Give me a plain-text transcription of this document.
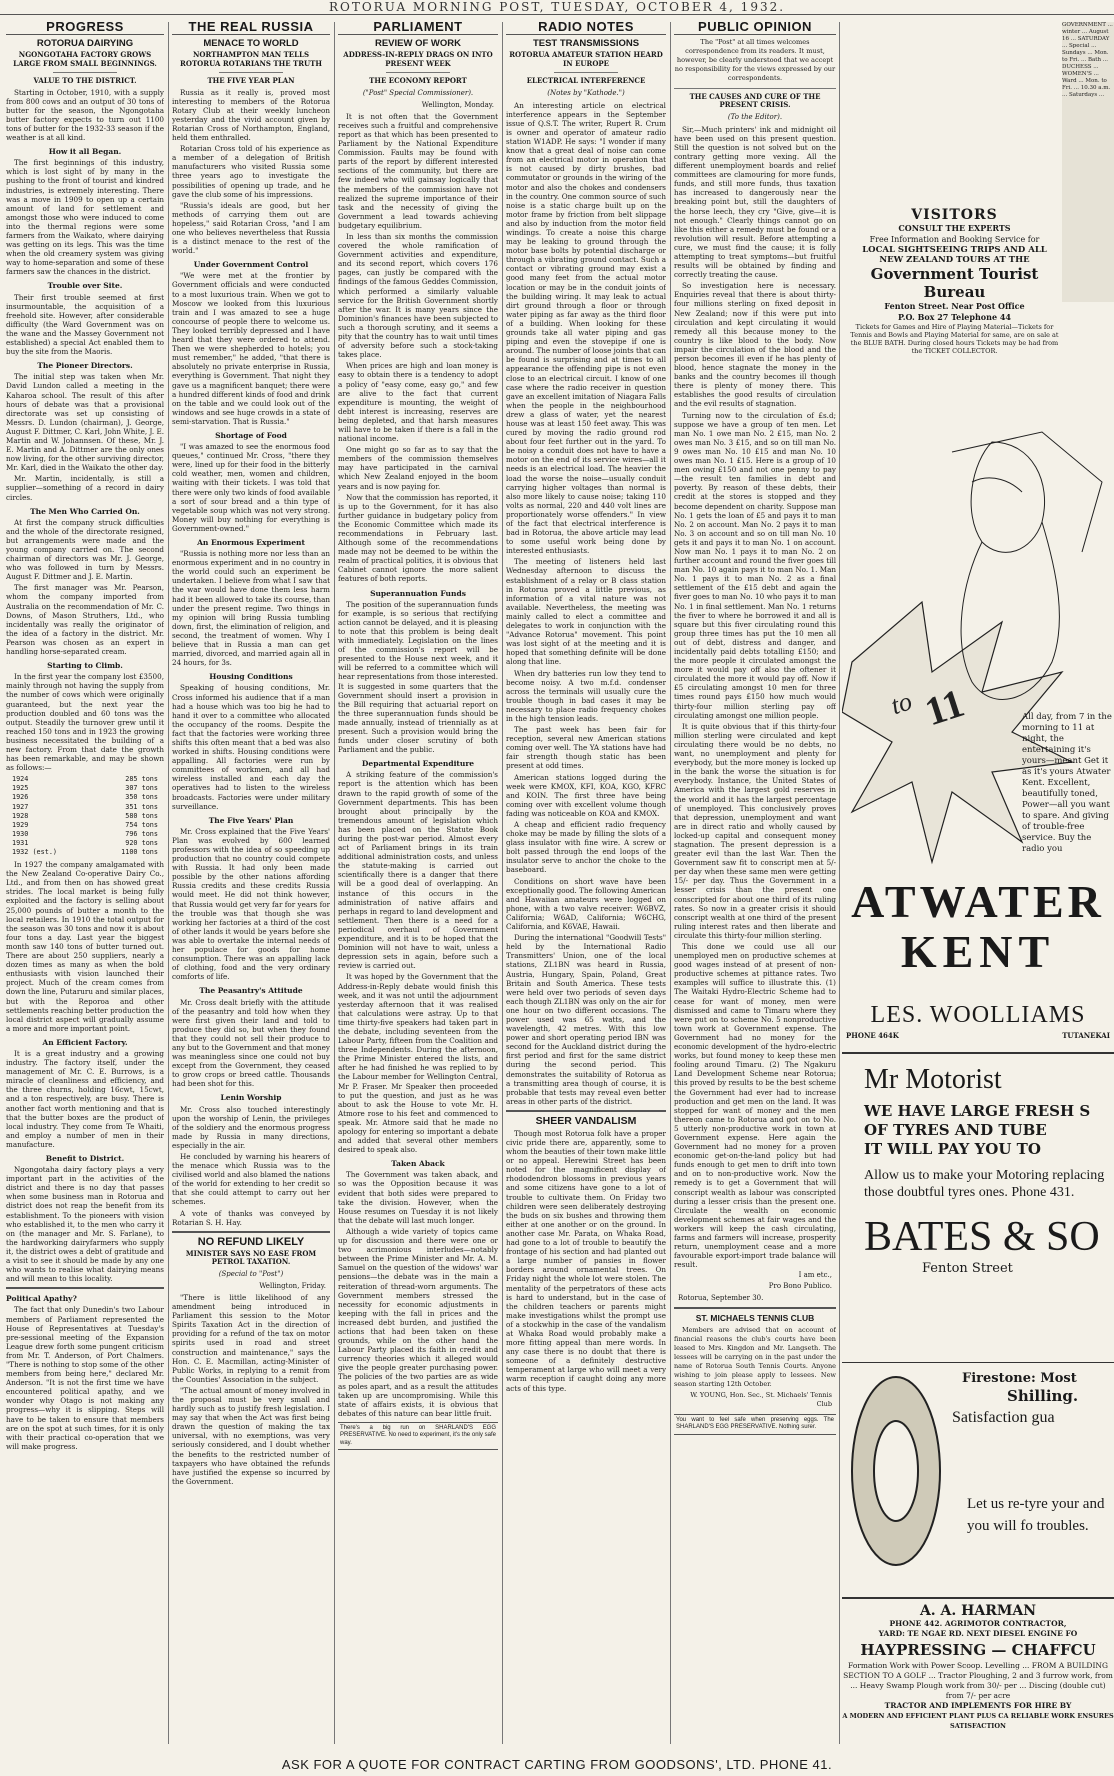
ROTORUA MORNING POST, TUESDAY, OCTOBER 4, 1932.
PROGRESS
ROTORUA DAIRYING
NGONGOTAHA FACTORY GROWS LARGE FROM SMALL BEGINNINGS.
VALUE TO THE DISTRICT.

Starting in October, 1910, with a supply from 800 cows and an output of 30 tons of butter for the season, the Ngongotaha butter factory expects to turn out 1100 tons of butter for the 1932-33 season if the weather is at all kind.

How it all Began.

The first beginnings of this industry, which is lost sight of by many in the pushing to the front of tourist and kindred industries, is extremely interesting. There was a move in 1909 to open up a certain amount of land for settlement and amongst those who were induced to come into the thermal regions were some farmers from the Waikato, where dairying was getting on its legs. This was the time when the old creamery system was giving way to home-separation and some of these farmers saw the chances in the district.

Trouble over Site.

Their first trouble seemed at first insurmountable, the acquisition of a freehold site. However, after considerable difficulty (the Ward Government was on the wane and the Massey Government not established) a special Act enabled them to buy the site from the Maoris.

The Pioneer Directors.

The initial step was taken when Mr. David Lundon called a meeting in the Kaharoa school. The result of this after hours of debate was that a provisional directorate was set up consisting of Messrs. D. Lundon (chairman), J. George, August F. Dittmer, C. Karl, John White, J. E. Martin and W. Johannsen. Of these, Mr. J. E. Martin and A. Dittmer are the only ones now living, for the other surviving director, Mr. Karl, died in the Waikato the other day.

Mr. Martin, incidentally, is still a supplier—something of a record in dairy circles.

The Men Who Carried On.

At first the company struck difficulties and the whole of the directorate resigned, but arrangements were made and the young company carried on. The second chairman of directors was Mr. J. George, who was followed in turn by Messrs. August F. Dittmer and J. E. Martin.

The first manager was Mr. Pearson, whom the company imported from Australia on the recommendation of Mr. C. Downs, of Mason Struthers, Ltd., who incidentally was really the originator of the idea of a factory in the district. Mr. Pearson was chosen as an expert in handling horse-separated cream.

Starting to Climb.

In the first year the company lost £3500, mainly through not having the supply from the number of cows which were originally guaranteed, but the next year the production doubled and 60 tons was the output. Steadily the turnover grew until it reached 150 tons and in 1923 the growing business necessitated the building of a new factory. From that date the growth has been remarkable, and may be shown as follows:—

1924	285 tons
1925	307 tons
1926	350 tons
1927	351 tons
1928	580 tons
1929	754 tons
1930	796 tons
1931	920 tons
1932 (est.)	1100 tons

In 1927 the company amalgamated with the New Zealand Co-operative Dairy Co., Ltd., and from then on has showed great strides. The local market is being fully exploited and the factory is selling about 25,000 pounds of butter a month to the local retailers. In 1910 the total output for the season was 30 tons and now it is about four tons a day. Last year the biggest month saw 140 tons of butter turned out. There are about 250 suppliers, nearly a dozen times as many as when the bold enthusiasts with vision launched their project. Much of the cream comes from down the line, Putaruru and similar places, but with the Reporoa and other settlements reaching better production the local district aspect will gradually assume a more and more important point.

An Efficient Factory.

It is a great industry and a growing industry. The factory itself, under the management of Mr. C. E. Burrows, is a miracle of cleanliness and efficiency, and the three churns, holding 16cwt, 15cwt, and a ton respectively, are busy. There is another fact worth mentioning and that is that the butter boxes are the product of local industry. They come from Te Whaiti, and employ a number of men in their manufacture.

Benefit to District.

Ngongotaha dairy factory plays a very important part in the activities of the district and there is no day that passes when some business man in Rotorua and district does not reap the benefit from its establishment. To the pioneers with vision who established it, to the men who carry it on (the manager and Mr. S. Farlane), to the hardworking dairyfarmers who supply it, the district owes a debt of gratitude and a visit to see it should be made by any one who wants to realise what dairying means and will mean to this locality.

Political Apathy?

The fact that only Dunedin's two Labour members of Parliament represented the House of Representatives at Tuesday's pre-sessional meeting of the Expansion League drew forth some pungent criticism from Mr. T. Anderson, of Port Chalmers. "There is nothing to stop some of the other members from being here," declared Mr. Anderson. "It is not the first time we have encountered political apathy, and we wonder why Otago is not making any progress—why it is slipping. Steps will have to be taken to ensure that members are on the spot at such times, for it is only with their practical co-operation that we will make progress.

THE REAL RUSSIA
MENACE TO WORLD
NORTHAMPTON MAN TELLS ROTORUA ROTARIANS THE TRUTH
THE FIVE YEAR PLAN

Russia as it really is, proved most interesting to members of the Rotorua Rotary Club at their weekly luncheon yesterday and the vivid account given by Rotarian Cross of Northampton, England, held them enthralled.

Rotarian Cross told of his experience as a member of a delegation of British manufacturers who visited Russia some three years ago to investigate the possibilities of opening up trade, and he gave the club some of his impressions.

"Russia's ideals are good, but her methods of carrying them out are hopeless," said Rotarian Cross, "and I am one who believes nevertheless that Russia is a distinct menace to the rest of the world."

Under Government Control

"We were met at the frontier by Government officials and were conducted to a most luxurious train. When we got to Moscow we looked from this luxurious train and I was amazed to see a huge concourse of people there to welcome us. They looked terribly depressed and I have heard that they were ordered to attend. Then we were shepherded to hotels; you must remember," he added, "that there is absolutely no private enterprise in Russia, everything is Government. That night they gave us a magnificent banquet; there were a hundred different kinds of food and drink on the table and we could look out of the windows and see huge crowds in a state of semi-starvation. That is Russia."

Shortage of Food

"I was amazed to see the enormous food queues," continued Mr. Cross, "there they were, lined up for their food in the bitterly cold weather, men, women and children, waiting with their tickets. I was told that there were only two kinds of food available a sort of sour bread and a thin type of vegetable soup which was not very strong. Money will buy nothing for everything is Government-owned."

An Enormous Experiment

"Russia is nothing more nor less than an enormous experiment and in no country in the world could such an experiment be undertaken. I believe from what I saw that the war would have done them less harm had it been allowed to take its course, than under the present regime. Two things in my opinion will bring Russia tumbling down, first, the elimination of religion, and second, the treatment of women. Why I believe that in Russia a man can get married, divorced, and married again all in 24 hours, for 3s.

Housing Conditions

Speaking of housing conditions, Mr. Cross informed his audience that if a man had a house which was too big he had to hand it over to a committee who allocated the occupancy of the rooms. Despite the fact that the factories were working three shifts this often meant that a bed was also worked in shifts. Housing conditions were appalling. All factories were run by committees of workmen, and all had wireless installed and each day the operatives had to listen to the wireless broadcasts. Factories were under military surveillance.

The Five Years' Plan

Mr. Cross explained that the Five Years' Plan was evolved by 600 learned professors with the idea of so speeding up production that no country could compete with Russia. It had only been made possible by the other nations affording Russia credits and these credits Russia would meet. He did not think however, that Russia would get very far for years for the trouble was that though she was working her factories at a third of the cost of other lands it would be years before she was able to overtake the internal needs of her populace for goods for home consumption. There was an appalling lack of clothing, food and the very ordinary comforts of life.

The Peasantry's Attitude

Mr. Cross dealt briefly with the attitude of the peasantry and told how when they were first given their land and told to produce they did so, but when they found that they could not sell their produce to any but to the Government and that money was meaningless since one could not buy except from the Government, they ceased to grow crops or breed cattle. Thousands had been shot for this.

Lenin Worship

Mr. Cross also touched interestingly upon the worship of Lenin, the privileges of the soldiery and the enormous progress made by Russia in many directions, especially in the air.

He concluded by warning his hearers of the menace which Russia was to the civilised world and also blamed the nations of the world for extending to her credit so that she could attempt to carry out her schemes.

A vote of thanks was conveyed by Rotarian S. H. Hay.

NO REFUND LIKELY
MINISTER SAYS NO EASE FROM PETROL TAXATION.
(Special to "Post")
Wellington, Friday.

"There is little likelihood of any amendment being introduced in Parliament this session to the Motor Spirits Taxation Act in the direction of providing for a refund of the tax on motor spirits used in road and street construction and maintenance," says the Hon. C. E. Macmillan, acting-Minister of Public Works, in replying to a remit from the Counties' Association in the subject.

"The actual amount of money involved in the proposal must be very small and hardly such as to justify fresh legislation. I may say that when the Act was first being drawn the question of making the tax universal, with no exemptions, was very seriously considered, and I doubt whether the benefits to the restricted number of taxpayers who have obtained the refunds have justified the expense so incurred by the Government.

PARLIAMENT
REVIEW OF WORK
ADDRESS-IN-REPLY DRAGS ON INTO PRESENT WEEK
THE ECONOMY REPORT
("Post" Special Commissioner).
Wellington, Monday.

It is not often that the Government receives such a fruitful and comprehensive report as that which has been presented to Parliament by the National Expenditure Commission. Faults may be found with parts of the report by different interested sections of the community, but there are few indeed who will gainsay logically that the members of the commission have not realized the supreme importance of their task and the necessity of giving the Government a lead towards achieving budgetary equilibrium.

In less than six months the commission covered the whole ramification of Government activities and expenditure, and its second report, which covers 176 pages, can justly be compared with the findings of the famous Geddes Commission, which performed a similarly valuable service for the British Government shortly after the war. It is many years since the Dominion's finances have been subjected to such a thorough scrutiny, and it seems a pity that the country has to wait until times of adversity before such a stock-taking takes place.

When prices are high and loan money is easy to obtain there is a tendency to adopt a policy of "easy come, easy go," and few are alive to the fact that current expenditure is mounting, the weight of debt interest is increasing, reserves are being depleted, and that harsh measures will have to be taken if there is a fall in the national income.

One might go so far as to say that the members of the commission themselves may have participated in the carnival which New Zealand enjoyed in the boom years and is now paying for.

Now that the commission has reported, it is up to the Government, for it has also further guidance in budgetary policy from the Economic Committee which made its recommendations in February last. Although some of the recommendations made may not be deemed to be within the realm of practical politics, it is obvious that Cabinet cannot ignore the more salient features of both reports.

Superannuation Funds

The position of the superannuation funds for example, is so serious that rectifying action cannot be delayed, and it is pleasing to note that this problem is being dealt with immediately. Legislation on the lines of the commission's report will be presented to the House next week, and it will be referred to a committee which will hear representations from those interested. It is suggested in some quarters that the Government should insert a provision in the Bill requiring that actuarial report on the three superannuation funds should be made annually, instead of triennially as at present. Such a provision would bring the funds under closer scrutiny of both Parliament and the public.

Departmental Expenditure

A striking feature of the commission's report is the attention which has been drawn to the rapid growth of some of the Government departments. This has been brought about principally by the tremendous amount of legislation which has been placed on the Statute Book during the post-war period. Almost every act of Parliament brings in its train additional administration costs, and unless the statute-making is carried out scientifically there is a danger that there will be a good deal of overlapping. An instance of this occurs in the administration of native affairs and perhaps in regard to land development and settlement. Then there is a need for a periodical overhaul of Government expenditure, and it is to be hoped that the Dominion will not have to wait, unless a depression sets in again, before such a review is carried out.

It was hoped by the Government that the Address-in-Reply debate would finish this week, and it was not until the adjournment yesterday afternoon that it was realised that calculations were astray. Up to that time thirty-five speakers had taken part in the debate, including seventeen from the Labour Party, fifteen from the Coalition and three Independents. During the afternoon, the Prime Minister entered the lists, and after he had finished he was replied to by the Labour member for Wellington Central, Mr P. Fraser. Mr Speaker then proceeded to put the question, and just as he was about to ask the House to vote Mr. H. Atmore rose to his feet and commenced to speak. Mr. Atmore said that he made no apology for entering so important a debate and added that several other members desired to speak also.

Taken Aback

The Government was taken aback, and so was the Opposition because it was evident that both sides were prepared to take the division. However, when the House resumes on Tuesday it is not likely that the debate will last much longer.

Although a wide variety of topics came up for discussion and there were one or two acrimonious interludes—notably between the Prime Minister and Mr. A. M. Samuel on the question of the widows' war pensions—the debate was in the main a reiteration of thread-worn arguments. The Government members stressed the necessity for economic adjustments in keeping with the fall in prices and the increased debt burden, and justified the actions that had been taken on these grounds, while on the other hand the Labour Party placed its faith in credit and currency theories which it alleged would give the people greater purchasing power. The policies of the two parties are as wide as poles apart, and as a result the attitudes taken up are uncompromising. While this state of affairs exists, it is obvious that debates of this nature can bear little fruit.

There's a big run on SHARLAND'S EGG PRESERVATIVE. No need to experiment, it's the only safe way.
RADIO NOTES
TEST TRANSMISSIONS
ROTORUA AMATEUR STATION HEARD IN EUROPE
ELECTRICAL INTERFERENCE
(Notes by "Kathode.")

An interesting article on electrical interference appears in the September issue of Q.S.T. The writer, Rupert R. Crum is owner and operator of amateur radio station W1ADP. He says: "I wonder if many know that a great deal of noise can come from an electrical motor in operation that is not caused by dirty brushes, bad commutator or grounds in the wiring of the motor and also the chokes and condensers in the country. One common source of such noise is a static charge built up on the motor frame by friction from belt slippage and also by induction from the motor field windings. To create a noise this charge may be leaking to ground through the motor base bolts by potential discharge or through a vibrating ground contact. Such a contact or vibrating ground may exist a good many feet from the actual motor location or may be in the conduit joints of the building wiring. It may leak to actual dirt ground through a floor or through water piping as far away as the third floor of a building. When looking for these grounds take all water piping and gas piping and even the stovepipe if one is around. The number of loose joints that can be found is surprising and at times to all appearance the offending pipe is not even close to an electrical circuit. I know of one case where the radio receiver in question gave an excellent imitation of Niagara Falls when the people in the neighbourhood drew a glass of water, yet the nearest house was at least 150 feet away. This was cured by moving the radio ground rod about four feet further out in the yard. To be noisy a conduit does not have to have a motor on the end of its service wires—all it needs is an electrical load. The heavier the load the worse the noise—usually conduit carrying higher voltages than normal is also more likely to cause noise; taking 110 volts as normal, 220 and 440 volt lines are proportionately worse offenders." In view of the fact that electrical interference is bad in Rotorua, the above article may lead to some useful work being done by interested enthusiasts.

The meeting of listeners held last Wednesday afternoon to discuss the establishment of a relay or B class station in Rotorua proved a little previous, as information of a vital nature was not available. Nevertheless, the meeting was mainly called to elect a committee and delegates to work in conjunction with the "Advance Rotorua" movement. This point was lost sight of at the meeting and it is hoped that something definite will be done along that line.

When dry batteries run low they tend to become noisy. A two m.f.d. condenser across the terminals will usually cure the trouble though in bad cases it may be necessary to place radio frequency chokes in the high tension leads.

The past week has been fair for reception, several new American stations coming over well. The YA stations have had fair strength though static has been present at odd times.

American stations logged during the week were KMOX, KFI, KOA, KGO, KFRC and KOIN. The first three have being coming over with excellent volume though fading was noticeable on KOA and KMOX.

A cheap and efficient radio frequency choke may be made by filling the slots of a glass insulator with fine wire. A screw or bolt passed through the end loops of the insulator serve to anchor the choke to the baseboard.

Conditions on short wave have been exceptionally good. The following American and Hawaiian amateurs were logged on phone, with a two valve receiver: W6BVZ, California; W6AD, California; W6CHG, California, and K6VAE, Hawaii.

During the international "Goodwill Tests" held by the International Radio Transmitters' Union, one of the local stations, ZL1BN was heard in Russia, Austria, Hungary, Spain, Poland, Great Britain and South America. These tests were held over two periods of seven days each though ZL1BN was only on the air for one hour on two different occasions. The power used was 65 watts, and the wavelength, 42 metres. With this low power and short operating period IBN was second for the Auckland district during the first period and first for the same district during the second period. This demonstrates the suitability of Rotorua as a transmitting area though of course, it is probable that tests may reveal even better areas in other parts of the district.

SHEER VANDALISM

Though most Rotorua folk have a proper civic pride there are, apparently, some to whom the beauties of their town make little or no appeal. Herewini Street has been noted for the magnificent display of rhododendron blossoms in previous years and some citizens have gone to a lot of trouble to cultivate them. On Friday two children were seen deliberately destroying the buds on six bushes and throwing them either at one another or on the ground. In another case Mr. Parata, on Whaka Road, had gone to a lot of trouble to beautify the frontage of his section and had planted out a large number of pansies in flower borders around ornamental trees. On Friday night the whole lot were stolen. The mentality of the perpetrators of these acts is hard to understand, but in the case of the children teachers or parents might make investigations whilst the prompt use of a stockwhip in the case of the vandalism at Whaka Road would probably make a more fitting appeal than mere words. In any case there is no doubt that there is someone of a definitely destructive temperament at large who will meet a very warm reception if caught doing any more acts of this type.

PUBLIC OPINION

The "Post" at all times welcomes correspondence from its readers. It must, however, be clearly understood that we accept no responsibility for the views expressed by our correspondents.

THE CAUSES AND CURE OF THE PRESENT CRISIS.
(To the Editor).

Sir,—Much printers' ink and midnight oil have been used on this present question. Still the question is not solved but on the contrary getting more vexing. All the different unemployment boards and relief committees are clamouring for more funds, funds, and still more funds, thus taxation has increased to dangerously near the breaking point but, still the daughters of the horse leech, they cry "Give, give—it is not enough." Clearly things cannot go on like this either a remedy must be found or a revolution will result. Before attempting a cure, we must find the cause; it is folly attempting to treat symptoms—but fruitful results will be obtained by finding and correctly treating the cause.

So investigation here is necessary. Enquiries reveal that there is about thirty-four millions sterling on fixed deposit in New Zealand; now if this were put into circulation and kept circulating it would remedy all this because money to the country is like blood to the body. Now impair the circulation of the blood and the person becomes ill even if he has plenty of blood, hence stagnate the money in the banks and the country becomes ill though there is plenty of money there. This establishes the good results of circulation and the evil results of stagnation.

Turning now to the circulation of £s.d; suppose we have a group of ten men. Let man No. 1 owe man No. 2 £15, man No. 2 owes man No. 3 £15, and so on till man No. 9 owes man No. 10 £15 and man No. 10 owes man No. 1 £15. Here is a group of 10 men owing £150 and not one penny to pay—the result ten families in debt and poverty. By reason of these debts, their credit at the stores is stopped and they become dependent on charity. Suppose man No. 1 gets the loan of £5 and pays it to man No. 2 on account. Man No. 2 pays it to man No. 3 on account and so on till man No. 10 gets it and pays it to man No. 1 on account. Now man No. 1 pays it to man No. 2 on further account and round the fiver goes till man No. 10 again pays it to man No. 1. Man No. 1 pays it to man No. 2 as a final settlement of the £15 debt and again the fiver goes to man No. 10 who pays it to man No. 1 in final settlement. Man No. 1 returns the fiver to where he borrowed it and all is square but this fiver circulating round this group three times has put the 10 men all out of debt, distress and danger, and incidentally paid debts totalling £150; and the more people it circulated amongst the more it would pay off also the oftener it circulated the more it would pay off. Now if £5 circulating amongst 10 men for three times round pays £150 how much would thirty-four million sterling pay off circulating amongst one million people.

It is quite obvious that if this thirty-four million sterling were circulated and kept circulating there would be no debts, no want, no unemployment and plenty for everybody, but the more money is locked up in the bank the worse the situation is for everybody. Instance, the United States of America with the largest gold reserves in the world and it has the largest percentage of unemployed. This conclusively proves that depression, unemployment and want are in direct ratio and wholly caused by locked-up capital and consequent money stagnation. The present depression is a greater evil than the last War. Then the Government saw fit to conscript men at 5/- per day when these same men were getting 15/- per day. Thus the Government in a lesser crisis than the present one conscripted for about one third of its ruling rates. So now in a greater crisis it should conscript wealth at one third of the present ruling interest rates and then liberate and circulate this thirty-four million sterling.

This done we could use all our unemployed men on productive schemes at good wages instead of at present of non-productive schemes at pittance rates. Two examples will suffice to illustrate this. (1) The Waitaki Hydro-Electric Scheme had to cease for want of money, men were dismissed and came to Timaru where they were put on to scheme No. 5 nonproductive town work at Government expense. The Government had no money for the economic development of the hydro-electric works, but found money to keep these men fooling around Timaru. (2) The Ngakuru Land Development Scheme near Rotorua; this proved by results to be the best scheme the Government had ever had to increase production and get men on the land. It was stopped for want of money and the men thereon came to Rotorua and got on to No. 5 utterly non-productive work in town at Government expense. Here again the Government had no money for a proven economic get-on-the-land policy but had funds enough to get men to drift into town and on to non-productive work. Now the remedy is to get a Government that will conscript wealth as labour was conscripted during a lesser crisis than the present one. Circulate the wealth on economic development schemes at fair wages and the workers will keep the cash circulating, farms and farmers will increase, prosperity return, unemployment cease and a more favourable export-import trade balance will result.

I am etc.,
Pro Bono Publico.
Rotorua, September 30.
ST. MICHAELS TENNIS CLUB

Members are advised that on account of financial reasons the club's courts have been leased to Mrs. Kingdon and Mr. Langseth. The lessees will be carrying on in the past under the name of Rotorua South Tennis Courts. Anyone wishing to join please apply to lessees. New season starting 12th October.

W. YOUNG, Hon. Sec., St. Michaels' Tennis Club
You want to feel safe when preserving eggs. The SHARLAND'S EGG PRESERVATIVE. Nothing surer.
GOVERNMENT ... winter ... August 16 ... SATURDAY ... Special ... Sundays ... Mon. to Fri. ... Bath ... DUCHESS ... WOMEN'S ... Ward ... Mon. to Fri. ... 10.30 a.m. ... Saturdays ...
VISITORS
CONSULT THE EXPERTS
Free Information and Booking Service for
LOCAL SIGHTSEEING TRIPS AND ALL
NEW ZEALAND TOURS AT THE
Government Tourist Bureau
Fenton Street. Near Post Office
P.O. Box 27 Telephone 44
Tickets for Games and Hire of Playing Material—Tickets for Tennis and Bowls and Playing Material for same, are on sale at the BLUE BATH. During closed hours Tickets may be had from the TICKET COLLECTOR.
to 11	All day, from 7 in the morning to 11 at night, the entertaining it's yours—meant Get it as it's yours Atwater Kent. Excellent, beautifully toned, Power—all you want to spare. And giving of trouble-free service. Buy the radio you
ATWATER
KENT
LES. WOOLLIAMS
PHONE 464K	TUTANEKAI
Mr Motorist
WE HAVE LARGE FRESH S
OF TYRES AND TUBE
IT WILL PAY YOU TO
Allow us to make your Motoring replacing those doubtful tyres ones. Phone 431.
BATES & SO
Fenton Street
Firestone: Most
Shilling.
Satisfaction gua
Let us re-tyre your and you will fo troubles.
A. A. HARMAN
PHONE 442. AGRIMOTOR CONTRACTOR,
YARD: TE NGAE RD. NEXT DIESEL ENGINE FO
HAYPRESSING — CHAFFCU
Formation Work with Power Scoop. Levelling ... FROM A BUILDING SECTION TO A GOLF ... Tractor Ploughing, 2 and 3 furrow work, from ... Heavy Swamp Plough work from 30/- per ... Discing (double cut) from 7/- per acre
TRACTOR AND IMPLEMENTS FOR HIRE BY
A MODERN AND EFFICIENT PLANT PLUS CA RELIABLE WORK ENSURES SATISFACTION
ASK FOR A QUOTE FOR CONTRACT CARTING FROM GOODSONS', LTD. PHONE 41.
